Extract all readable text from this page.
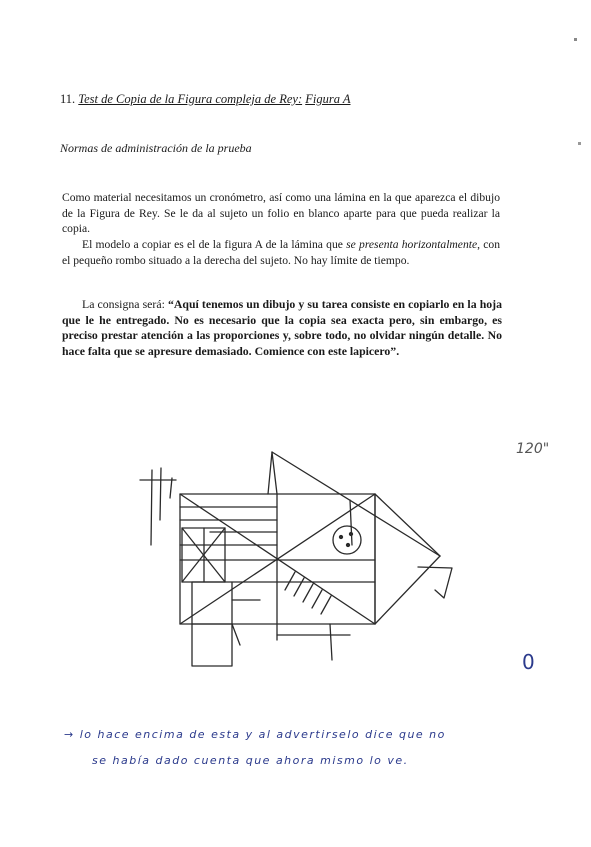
11. Test de Copia de la Figura compleja de Rey: Figura A
Normas de administración de la prueba
Como material necesitamos un cronómetro, así como una lámina en la que aparezca el dibujo de la Figura de Rey. Se le da al sujeto un folio en blanco aparte para que pueda realizar la copia.
El modelo a copiar es el de la figura A de la lámina que se presenta horizontalmente, con el pequeño rombo situado a la derecha del sujeto. No hay límite de tiempo.
La consigna será: “Aquí tenemos un dibujo y su tarea consiste en copiarlo en la hoja que le he entregado. No es necesario que la copia sea exacta pero, sin embargo, es preciso prestar atención a las proporciones y, sobre todo, no olvidar ningún detalle. No hace falta que se apresure demasiado. Comience con este lapicero”.
120"
0
→ lo hace encima de esta y al advertirselo dice que no
se había dado cuenta que ahora mismo lo ve.
